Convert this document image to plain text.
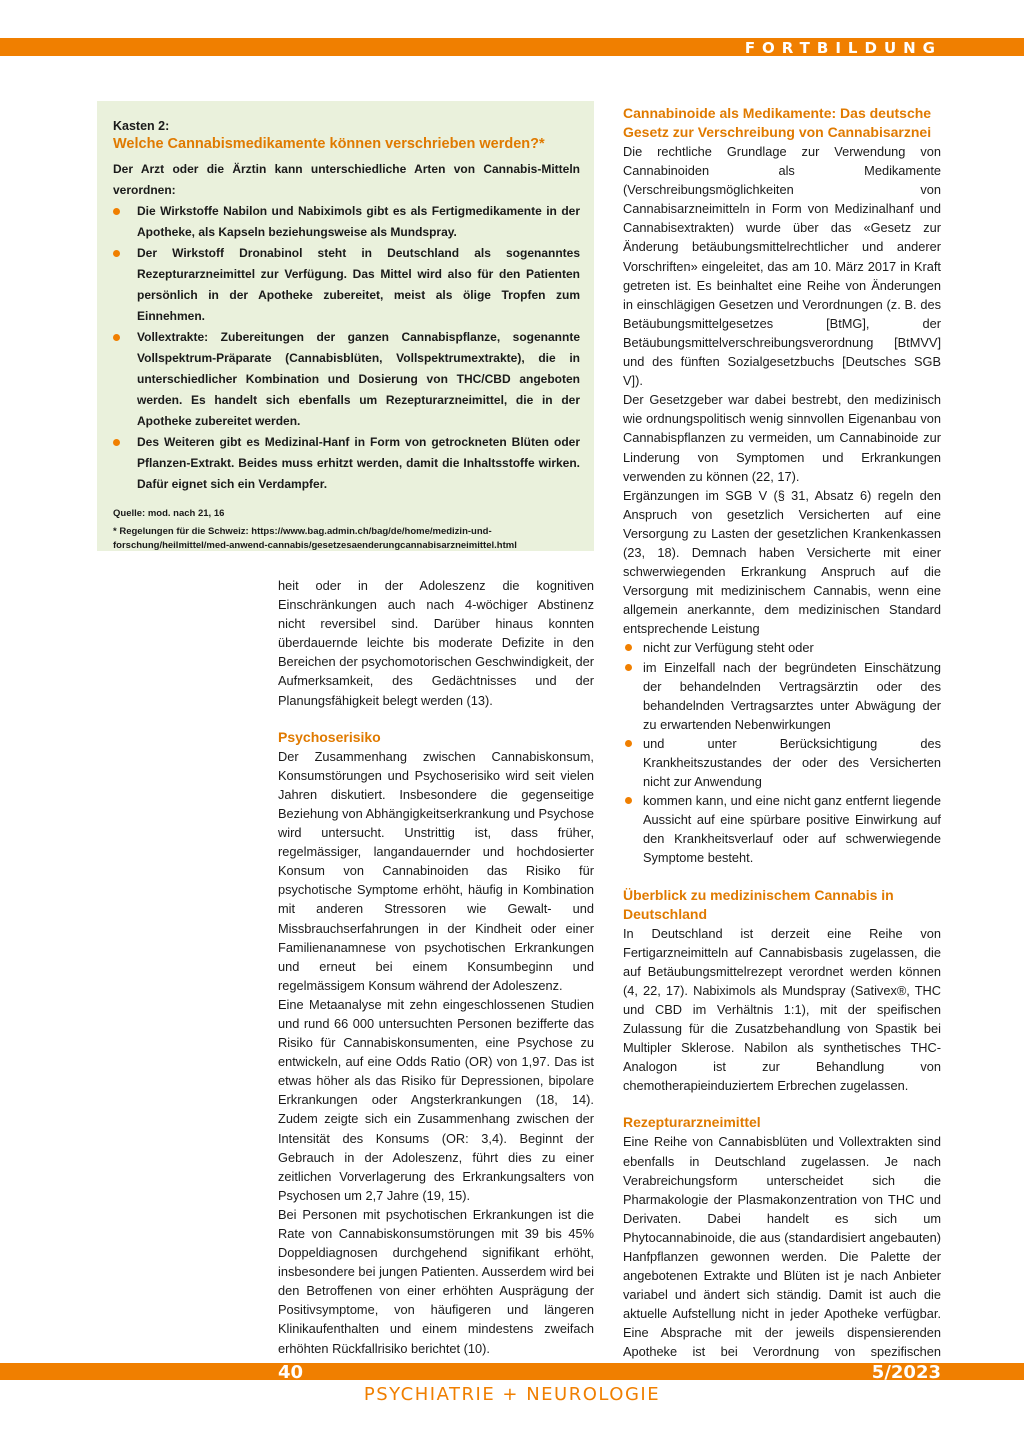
FORTBILDUNG
Kasten 2:
Welche Cannabismedikamente können verschrieben werden?*
Der Arzt oder die Ärztin kann unterschiedliche Arten von Cannabis-Mitteln verordnen:
Die Wirkstoffe Nabilon und Nabiximols gibt es als Fertigmedikamente in der Apotheke, als Kapseln beziehungsweise als Mundspray.
Der Wirkstoff Dronabinol steht in Deutschland als sogenanntes Rezepturarzneimittel zur Verfügung. Das Mittel wird also für den Patienten persönlich in der Apotheke zubereitet, meist als ölige Tropfen zum Einnehmen.
Vollextrakte: Zubereitungen der ganzen Cannabispflanze, sogenannte Vollspektrum-Präparate (Cannabisblüten, Vollspektrumextrakte), die in unterschiedlicher Kombination und Dosierung von THC/CBD angeboten werden. Es handelt sich ebenfalls um Rezepturarzneimittel, die in der Apotheke zubereitet werden.
Des Weiteren gibt es Medizinal-Hanf in Form von getrockneten Blüten oder Pflanzen-Extrakt. Beides muss erhitzt werden, damit die Inhaltsstoffe wirken. Dafür eignet sich ein Verdampfer.
Quelle: mod. nach 21, 16
* Regelungen für die Schweiz: https://www.bag.admin.ch/bag/de/home/medizin-und-forschung/heilmittel/med-anwend-cannabis/gesetzesaenderungcannabisarzneimittel.html

heit oder in der Adoleszenz die kognitiven Einschränkungen auch nach 4-wöchiger Abstinenz nicht reversibel sind. Darüber hinaus konnten überdauernde leichte bis moderate Defizite in den Bereichen der psychomotorischen Geschwindigkeit, der Aufmerksamkeit, des Gedächtnisses und der Planungsfähigkeit belegt werden (13).

Psychoserisiko

Der Zusammenhang zwischen Cannabiskonsum, Konsumstörungen und Psychoserisiko wird seit vielen Jahren diskutiert. Insbesondere die gegenseitige Beziehung von Abhängigkeitserkrankung und Psychose wird untersucht. Unstrittig ist, dass früher, regelmässiger, langandauernder und hochdosierter Konsum von Cannabinoiden das Risiko für psychotische Symptome erhöht, häufig in Kombination mit anderen Stressoren wie Gewalt- und Missbrauchserfahrungen in der Kindheit oder einer Familienanamnese von psychotischen Erkrankungen und erneut bei einem Konsumbeginn und regelmässigem Konsum während der Adoleszenz.

Eine Metaanalyse mit zehn eingeschlossenen Studien und rund 66 000 untersuchten Personen bezifferte das Risiko für Cannabiskonsumenten, eine Psychose zu entwickeln, auf eine Odds Ratio (OR) von 1,97. Das ist etwas höher als das Risiko für Depressionen, bipolare Erkrankungen oder Angsterkrankungen (18, 14). Zudem zeigte sich ein Zusammenhang zwischen der Intensität des Konsums (OR: 3,4). Beginnt der Gebrauch in der Adoleszenz, führt dies zu einer zeitlichen Vorverlagerung des Erkrankungsalters von Psychosen um 2,7 Jahre (19, 15).

Bei Personen mit psychotischen Erkrankungen ist die Rate von Cannabiskonsumstörungen mit 39 bis 45% Doppeldiagnosen durchgehend signifikant erhöht, insbesondere bei jungen Patienten. Ausserdem wird bei den Betroffenen von einer erhöhten Ausprägung der Positivsymptome, von häufigeren und längeren Klinikaufenthalten und einem mindestens zweifach erhöhten Rückfallrisiko berichtet (10).

Cannabinoide als Medikamente: Das deutsche Gesetz zur Verschreibung von Cannabisarznei

Die rechtliche Grundlage zur Verwendung von Cannabinoiden als Medikamente (Verschreibungsmöglichkeiten von Cannabisarzneimitteln in Form von Medizinalhanf und Cannabisextrakten) wurde über das «Gesetz zur Änderung betäubungsmittelrechtlicher und anderer Vorschriften» eingeleitet, das am 10. März 2017 in Kraft getreten ist. Es beinhaltet eine Reihe von Änderungen in einschlägigen Gesetzen und Verordnungen (z. B. des Betäubungsmittelgesetzes [BtMG], der Betäubungsmittelverschreibungsverordnung [BtMVV] und des fünften Sozialgesetzbuchs [Deutsches SGB V]).

Der Gesetzgeber war dabei bestrebt, den medizinisch wie ordnungspolitisch wenig sinnvollen Eigenanbau von Cannabispflanzen zu vermeiden, um Cannabinoide zur Linderung von Symptomen und Erkrankungen verwenden zu können (22, 17).

Ergänzungen im SGB V (§ 31, Absatz 6) regeln den Anspruch von gesetzlich Versicherten auf eine Versorgung zu Lasten der gesetzlichen Krankenkassen (23, 18). Demnach haben Versicherte mit einer schwerwiegenden Erkrankung Anspruch auf die Versorgung mit medizinischem Cannabis, wenn eine allgemein anerkannte, dem medizinischen Standard entsprechende Leistung

nicht zur Verfügung steht oder
im Einzelfall nach der begründeten Einschätzung der behandelnden Vertragsärztin oder des behandelnden Vertragsarztes unter Abwägung der zu erwartenden Nebenwirkungen
und unter Berücksichtigung des Krankheitszustandes der oder des Versicherten nicht zur Anwendung
kommen kann, und eine nicht ganz entfernt liegende Aussicht auf eine spürbare positive Einwirkung auf den Krankheitsverlauf oder auf schwerwiegende Symptome besteht.
Überblick zu medizinischem Cannabis in Deutschland

In Deutschland ist derzeit eine Reihe von Fertigarzneimitteln auf Cannabisbasis zugelassen, die auf Betäubungsmittelrezept verordnet werden können (4, 22, 17). Nabiximols als Mundspray (Sativex®, THC und CBD im Verhältnis 1:1), mit der speifischen Zulassung für die Zusatzbehandlung von Spastik bei Multipler Sklerose. Nabilon als synthetisches THC-Analogon ist zur Behandlung von chemotherapieinduziertem Erbrechen zugelassen.

Rezepturarzneimittel

Eine Reihe von Cannabisblüten und Vollextrakten sind ebenfalls in Deutschland zugelassen. Je nach Verabreichungsform unterscheidet sich die Pharmakologie der Plasmakonzentration von THC und Derivaten. Dabei handelt es sich um Phytocannabinoide, die aus (standardisiert angebauten) Hanfpflanzen gewonnen werden. Die Palette der angebotenen Extrakte und Blüten ist je nach Anbieter variabel und ändert sich ständig. Damit ist auch die aktuelle Aufstellung nicht in jeder Apotheke verfügbar. Eine Absprache mit der jeweils dispensierenden Apotheke ist bei Verordnung von spezifischen

40	5/2023
PSYCHIATRIE + NEUROLOGIE
